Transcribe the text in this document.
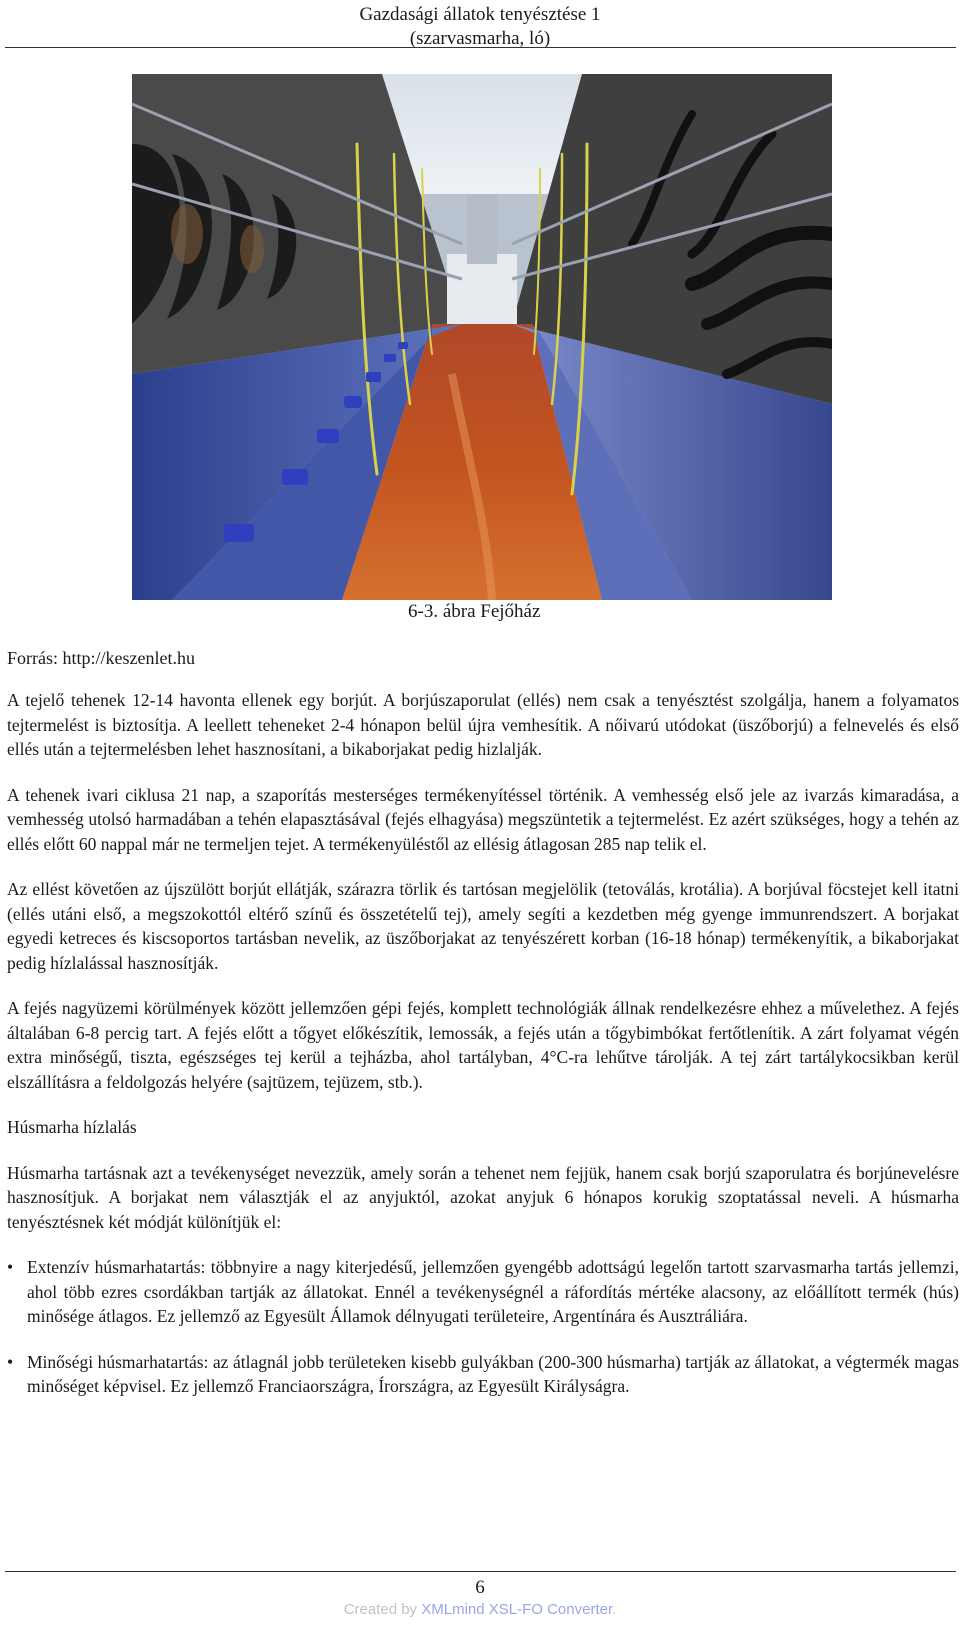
Gazdasági állatok tenyésztése 1
(szarvasmarha, ló)
6-3. ábra Fejőház
Forrás: http://keszenlet.hu

A tejelő tehenek 12-14 havonta ellenek egy borjút. A borjúszaporulat (ellés) nem csak a tenyésztést szolgálja, hanem a folyamatos tejtermelést is biztosítja. A leellett teheneket 2-4 hónapon belül újra vemhesítik. A nőivarú utódokat (üszőborjú) a felnevelés és első ellés után a tejtermelésben lehet hasznosítani, a bikaborjakat pedig hizlalják.

A tehenek ivari ciklusa 21 nap, a szaporítás mesterséges termékenyítéssel történik. A vemhesség első jele az ivarzás kimaradása, a vemhesség utolsó harmadában a tehén elapasztásával (fejés elhagyása) megszüntetik a tejtermelést. Ez azért szükséges, hogy a tehén az ellés előtt 60 nappal már ne termeljen tejet. A termékenyüléstől az ellésig átlagosan 285 nap telik el.

Az ellést követően az újszülött borjút ellátják, szárazra törlik és tartósan megjelölik (tetoválás, krotália). A borjúval föcstejet kell itatni (ellés utáni első, a megszokottól eltérő színű és összetételű tej), amely segíti a kezdetben még gyenge immunrendszert. A borjakat egyedi ketreces és kiscsoportos tartásban nevelik, az üszőborjakat az tenyészérett korban (16-18 hónap) termékenyítik, a bikaborjakat pedig hízlalással hasznosítják.

A fejés nagyüzemi körülmények között jellemzően gépi fejés, komplett technológiák állnak rendelkezésre ehhez a művelethez. A fejés általában 6-8 percig tart. A fejés előtt a tőgyet előkészítik, lemossák, a fejés után a tőgybimbókat fertőtlenítik. A zárt folyamat végén extra minőségű, tiszta, egészséges tej kerül a tejházba, ahol tartályban, 4°C-ra lehűtve tárolják. A tej zárt tartálykocsikban kerül elszállításra a feldolgozás helyére (sajtüzem, tejüzem, stb.).

Húsmarha hízlalás

Húsmarha tartásnak azt a tevékenységet nevezzük, amely során a tehenet nem fejjük, hanem csak borjú szaporulatra és borjúnevelésre hasznosítjuk. A borjakat nem választják el az anyjuktól, azokat anyjuk 6 hónapos korukig szoptatással neveli. A húsmarha tenyésztésnek két módját különítjük el:

• Extenzív húsmarhatartás: többnyire a nagy kiterjedésű, jellemzően gyengébb adottságú legelőn tartott szarvasmarha tartás jellemzi, ahol több ezres csordákban tartják az állatokat. Ennél a tevékenységnél a ráfordítás mértéke alacsony, az előállított termék (hús) minősége átlagos. Ez jellemző az Egyesült Államok délnyugati területeire, Argentínára és Ausztráliára.
• Minőségi húsmarhatartás: az átlagnál jobb területeken kisebb gulyákban (200-300 húsmarha) tartják az állatokat, a végtermék magas minőséget képvisel. Ez jellemző Franciaországra, Írországra, az Egyesült Királyságra.
6
Created by XMLmind XSL-FO Converter.
